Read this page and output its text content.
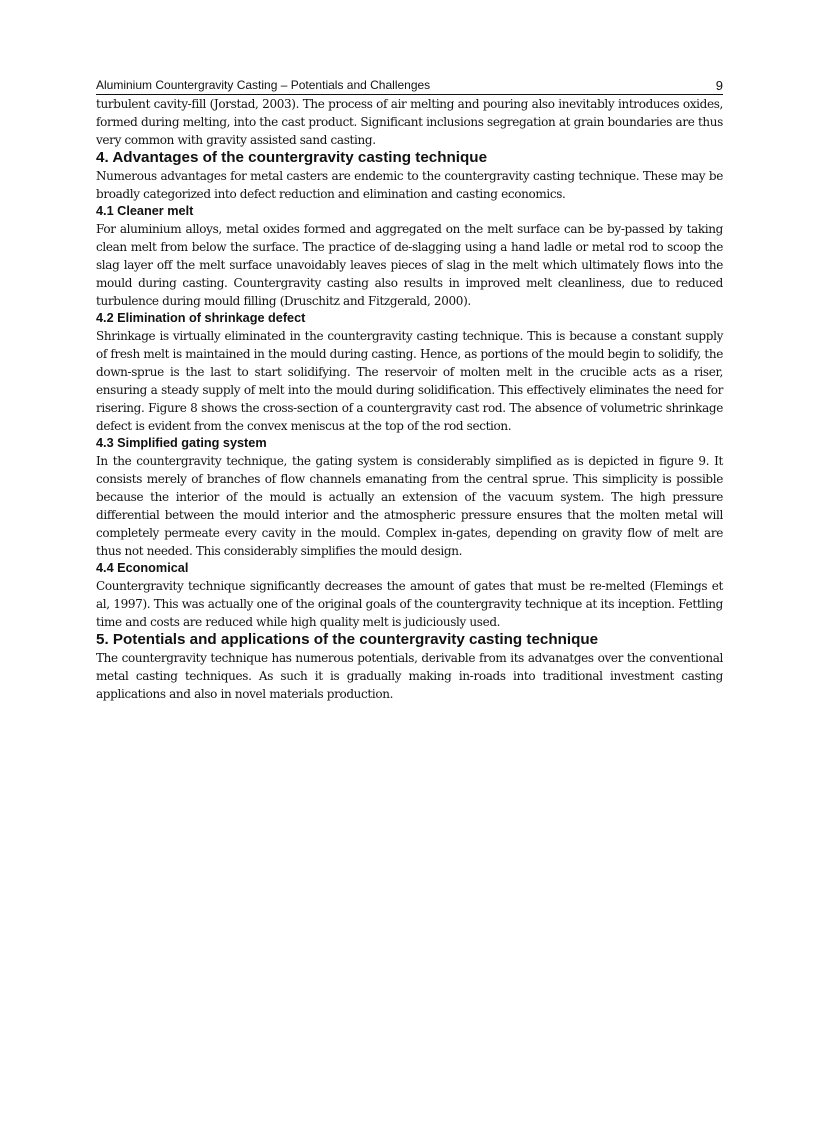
Aluminium Countergravity Casting – Potentials and Challenges	9

turbulent cavity-fill (Jorstad, 2003). The process of air melting and pouring also inevitably introduces oxides, formed during melting, into the cast product. Significant inclusions segregation at grain boundaries are thus very common with gravity assisted sand casting.

4. Advantages of the countergravity casting technique

Numerous advantages for metal casters are endemic to the countergravity casting technique. These may be broadly categorized into defect reduction and elimination and casting economics.

4.1 Cleaner melt

For aluminium alloys, metal oxides formed and aggregated on the melt surface can be by-passed by taking clean melt from below the surface. The practice of de-slagging using a hand ladle or metal rod to scoop the slag layer off the melt surface unavoidably leaves pieces of slag in the melt which ultimately flows into the mould during casting. Countergravity casting also results in improved melt cleanliness, due to reduced turbulence during mould filling (Druschitz and Fitzgerald, 2000).

4.2 Elimination of shrinkage defect

Shrinkage is virtually eliminated in the countergravity casting technique. This is because a constant supply of fresh melt is maintained in the mould during casting. Hence, as portions of the mould begin to solidify, the down-sprue is the last to start solidifying. The reservoir of molten melt in the crucible acts as a riser, ensuring a steady supply of melt into the mould during solidification. This effectively eliminates the need for risering. Figure 8 shows the cross-section of a countergravity cast rod. The absence of volumetric shrinkage defect is evident from the convex meniscus at the top of the rod section.

4.3 Simplified gating system

In the countergravity technique, the gating system is considerably simplified as is depicted in figure 9. It consists merely of branches of flow channels emanating from the central sprue. This simplicity is possible because the interior of the mould is actually an extension of the vacuum system. The high pressure differential between the mould interior and the atmospheric pressure ensures that the molten metal will completely permeate every cavity in the mould. Complex in-gates, depending on gravity flow of melt are thus not needed. This considerably simplifies the mould design.

4.4 Economical

Countergravity technique significantly decreases the amount of gates that must be re-melted (Flemings et al, 1997). This was actually one of the original goals of the countergravity technique at its inception. Fettling time and costs are reduced while high quality melt is judiciously used.

5. Potentials and applications of the countergravity casting technique

The countergravity technique has numerous potentials, derivable from its advanatges over the conventional metal casting techniques. As such it is gradually making in-roads into traditional investment casting applications and also in novel materials production.
